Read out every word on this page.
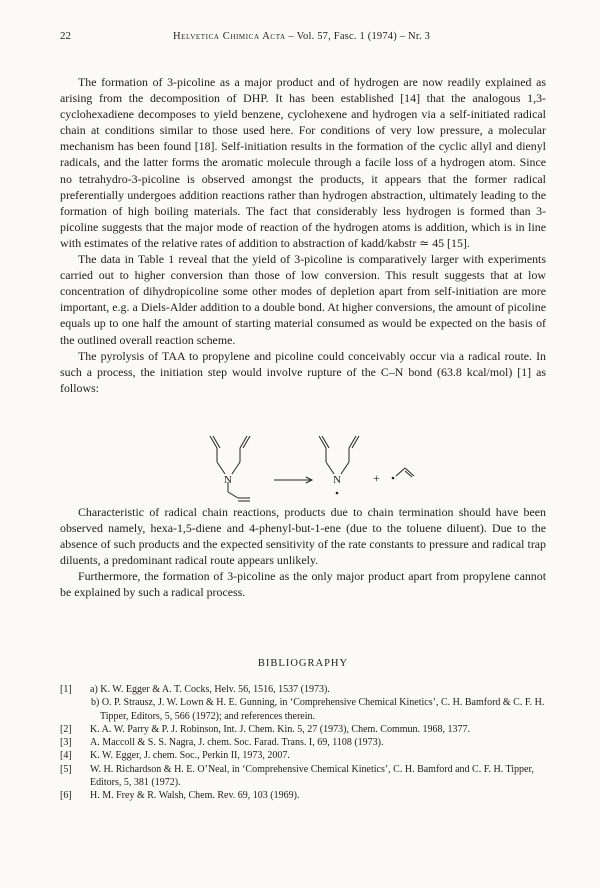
22	Helvetica Chimica Acta – Vol. 57, Fasc. 1 (1974) – Nr. 3

The formation of 3-picoline as a major product and of hydrogen are now readily explained as arising from the decomposition of DHP. It has been established [14] that the analogous 1,3-cyclohexadiene decomposes to yield benzene, cyclohexene and hydrogen via a self-initiated radical chain at conditions similar to those used here. For conditions of very low pressure, a molecular mechanism has been found [18]. Self-initiation results in the formation of the cyclic allyl and dienyl radicals, and the latter forms the aromatic molecule through a facile loss of a hydrogen atom. Since no tetrahydro-3-picoline is observed amongst the products, it appears that the former radical preferentially undergoes addition reactions rather than hydrogen abstraction, ultimately leading to the formation of high boiling materials. The fact that considerably less hydrogen is formed than 3-picoline suggests that the major mode of reaction of the hydrogen atoms is addition, which is in line with estimates of the relative rates of addition to abstraction of kadd/kabstr ≃ 45 [15].

The data in Table 1 reveal that the yield of 3-picoline is comparatively larger with experiments carried out to higher conversion than those of low conversion. This result suggests that at low concentration of dihydropicoline some other modes of depletion apart from self-initiation are more important, e.g. a Diels-Alder addition to a double bond. At higher conversions, the amount of picoline equals up to one half the amount of starting material consumed as would be expected on the basis of the outlined overall reaction scheme.

The pyrolysis of TAA to propylene and picoline could conceivably occur via a radical route. In such a process, the initiation step would involve rupture of the C–N bond (63.8 kcal/mol) [1] as follows:

N	N	+

Characteristic of radical chain reactions, products due to chain termination should have been observed namely, hexa-1,5-diene and 4-phenyl-but-1-ene (due to the toluene diluent). Due to the absence of such products and the expected sensitivity of the rate constants to pressure and radical trap diluents, a predominant radical route appears unlikely.

Furthermore, the formation of 3-picoline as the only major product apart from propylene cannot be explained by such a radical process.

BIBLIOGRAPHY
[1] a) K. W. Egger & A. T. Cocks, Helv. 56, 1516, 1537 (1973).
b) O. P. Strausz, J. W. Lown & H. E. Gunning, in ‘Comprehensive Chemical Kinetics’, C. H. Bamford & C. F. H. Tipper, Editors, 5, 566 (1972); and references therein.
[2] K. A. W. Parry & P. J. Robinson, Int. J. Chem. Kin. 5, 27 (1973), Chem. Commun. 1968, 1377.
[3] A. Maccoll & S. S. Nagra, J. chem. Soc. Farad. Trans. I, 69, 1108 (1973).
[4] K. W. Egger, J. chem. Soc., Perkin II, 1973, 2007.
[5] W. H. Richardson & H. E. O’Neal, in ‘Comprehensive Chemical Kinetics’, C. H. Bamford and C. F. H. Tipper, Editors, 5, 381 (1972).
[6] H. M. Frey & R. Walsh, Chem. Rev. 69, 103 (1969).
